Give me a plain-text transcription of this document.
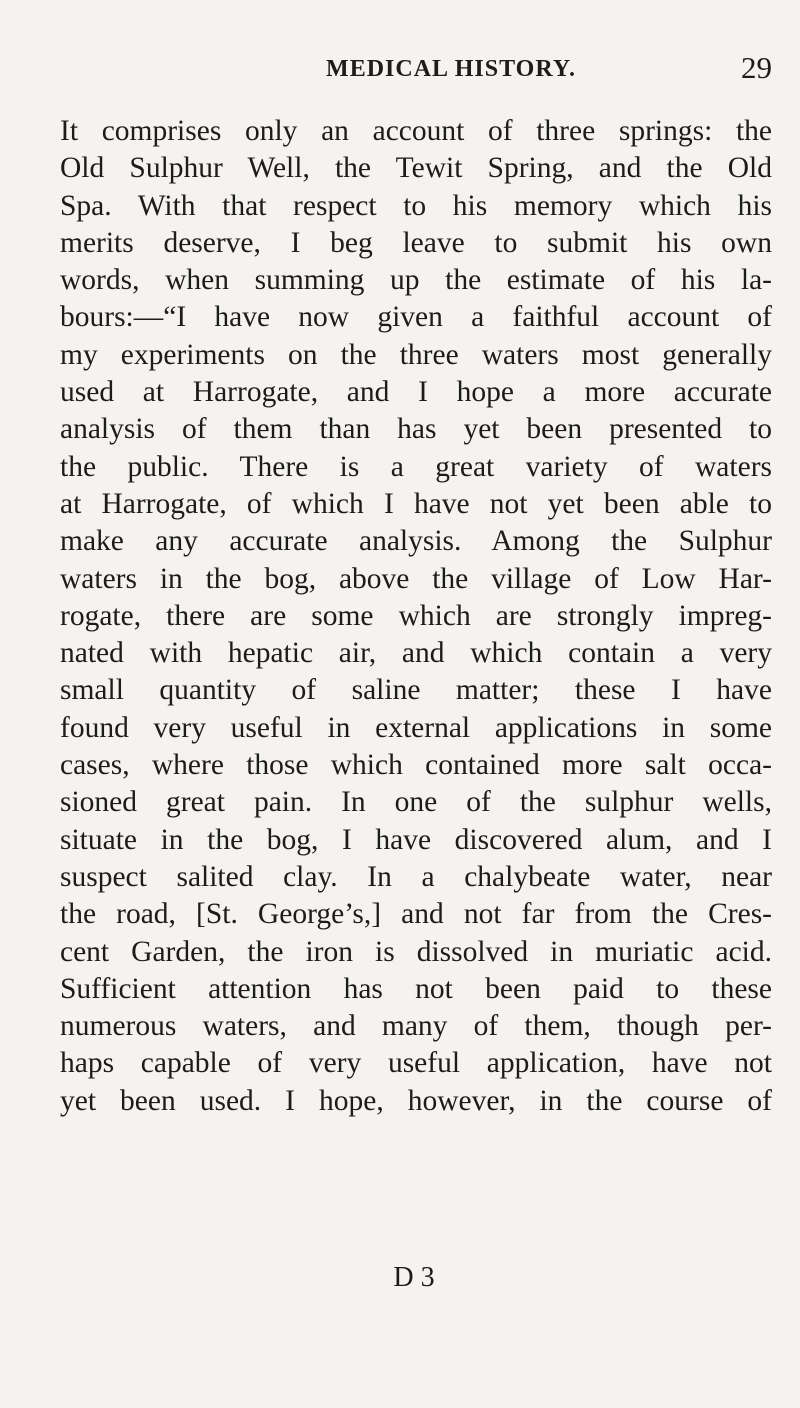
MEDICAL HISTORY.	29
It comprises only an account of three springs: the
Old Sulphur Well, the Tewit Spring, and the Old
Spa. With that respect to his memory which his
merits deserve, I beg leave to submit his own
words, when summing up the estimate of his la-
bours:—“I have now given a faithful account of
my experiments on the three waters most generally
used at Harrogate, and I hope a more accurate
analysis of them than has yet been presented to
the public. There is a great variety of waters
at Harrogate, of which I have not yet been able to
make any accurate analysis. Among the Sulphur
waters in the bog, above the village of Low Har-
rogate, there are some which are strongly impreg-
nated with hepatic air, and which contain a very
small quantity of saline matter; these I have
found very useful in external applications in some
cases, where those which contained more salt occa-
sioned great pain. In one of the sulphur wells,
situate in the bog, I have discovered alum, and I
suspect salited clay. In a chalybeate water, near
the road, [St. George’s,] and not far from the Cres-
cent Garden, the iron is dissolved in muriatic acid.
Sufficient attention has not been paid to these
numerous waters, and many of them, though per-
haps capable of very useful application, have not
yet been used. I hope, however, in the course of
D 3
